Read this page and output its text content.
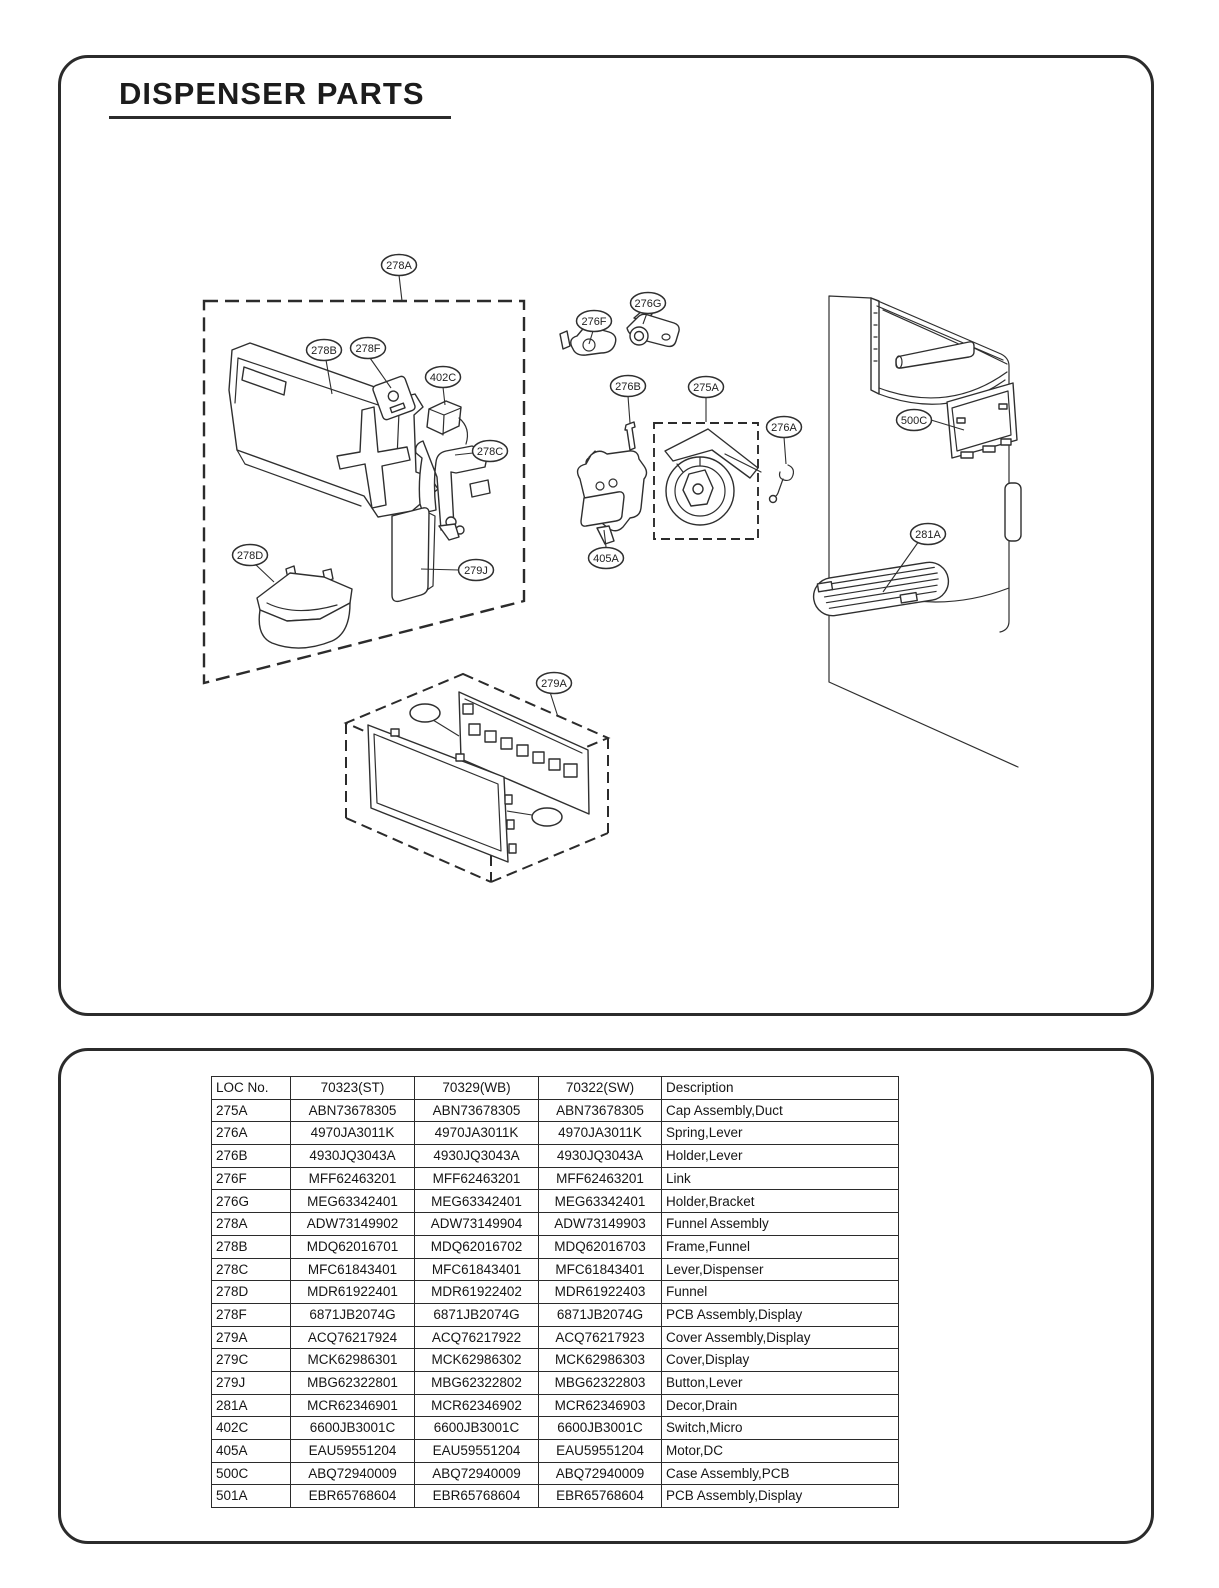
DISPENSER PARTS
278A
278B 278F
402C
278C
278D
279J
279A
276F
276G
276B	275A
276A
405A
500C
281A
LOC No.	70323(ST)	70329(WB)	70322(SW)	Description
275A	ABN73678305	ABN73678305	ABN73678305	Cap Assembly,Duct
276A	4970JA3011K	4970JA3011K	4970JA3011K	Spring,Lever
276B	4930JQ3043A	4930JQ3043A	4930JQ3043A	Holder,Lever
276F	MFF62463201	MFF62463201	MFF62463201	Link
276G	MEG63342401	MEG63342401	MEG63342401	Holder,Bracket
278A	ADW73149902	ADW73149904	ADW73149903	Funnel Assembly
278B	MDQ62016701	MDQ62016702	MDQ62016703	Frame,Funnel
278C	MFC61843401	MFC61843401	MFC61843401	Lever,Dispenser
278D	MDR61922401	MDR61922402	MDR61922403	Funnel
278F	6871JB2074G	6871JB2074G	6871JB2074G	PCB Assembly,Display
279A	ACQ76217924	ACQ76217922	ACQ76217923	Cover Assembly,Display
279C	MCK62986301	MCK62986302	MCK62986303	Cover,Display
279J	MBG62322801	MBG62322802	MBG62322803	Button,Lever
281A	MCR62346901	MCR62346902	MCR62346903	Decor,Drain
402C	6600JB3001C	6600JB3001C	6600JB3001C	Switch,Micro
405A	EAU59551204	EAU59551204	EAU59551204	Motor,DC
500C	ABQ72940009	ABQ72940009	ABQ72940009	Case Assembly,PCB
501A	EBR65768604	EBR65768604	EBR65768604	PCB Assembly,Display
